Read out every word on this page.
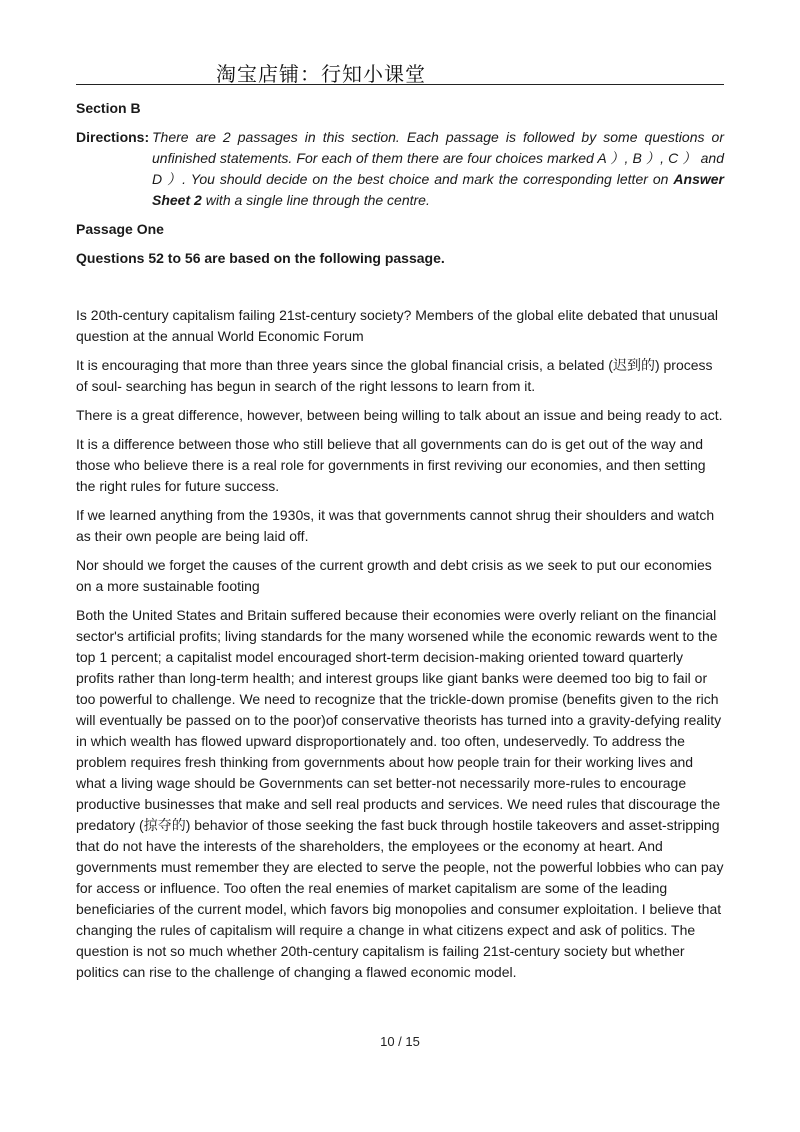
淘宝店铺：行知小课堂
Section B
Directions: There are 2 passages in this section. Each passage is followed by some questions or unfinished statements. For each of them there are four choices marked A ）, B ）, C ） and D ）. You should decide on the best choice and mark the corresponding letter on Answer Sheet 2 with a single line through the centre.
Passage One
Questions 52 to 56 are based on the following passage.

Is 20th-century capitalism failing 21st-century society? Members of the global elite debated that unusual question at the annual World Economic Forum

It is encouraging that more than three years since the global financial crisis, a belated (迟到的) process of soul- searching has begun in search of the right lessons to learn from it.

There is a great difference, however, between being willing to talk about an issue and being ready to act.

It is a difference between those who still believe that all governments can do is get out of the way and those who believe there is a real role for governments in first reviving our economies, and then setting the right rules for future success.

If we learned anything from the 1930s, it was that governments cannot shrug their shoulders and watch as their own people are being laid off.

Nor should we forget the causes of the current growth and debt crisis as we seek to put our economies on a more sustainable footing

Both the United States and Britain suffered because their economies were overly reliant on the financial sector's artificial profits; living standards for the many worsened while the economic rewards went to the top 1 percent; a capitalist model encouraged short-term decision-making oriented toward quarterly profits rather than long-term health; and interest groups like giant banks were deemed too big to fail or too powerful to challenge. We need to recognize that the trickle-down promise (benefits given to the rich will eventually be passed on to the poor)of conservative theorists has turned into a gravity-defying reality in which wealth has flowed upward disproportionately and. too often, undeservedly. To address the problem requires fresh thinking from governments about how people train for their working lives and what a living wage should be Governments can set better-not necessarily more-rules to encourage productive businesses that make and sell real products and services. We need rules that discourage the predatory (掠夺的) behavior of those seeking the fast buck through hostile takeovers and asset-stripping that do not have the interests of the shareholders, the employees or the economy at heart. And governments must remember they are elected to serve the people, not the powerful lobbies who can pay for access or influence. Too often the real enemies of market capitalism are some of the leading beneficiaries of the current model, which favors big monopolies and consumer exploitation. I believe that changing the rules of capitalism will require a change in what citizens expect and ask of politics. The question is not so much whether 20th-century capitalism is failing 21st-century society but whether politics can rise to the challenge of changing a flawed economic model.

10 / 15
